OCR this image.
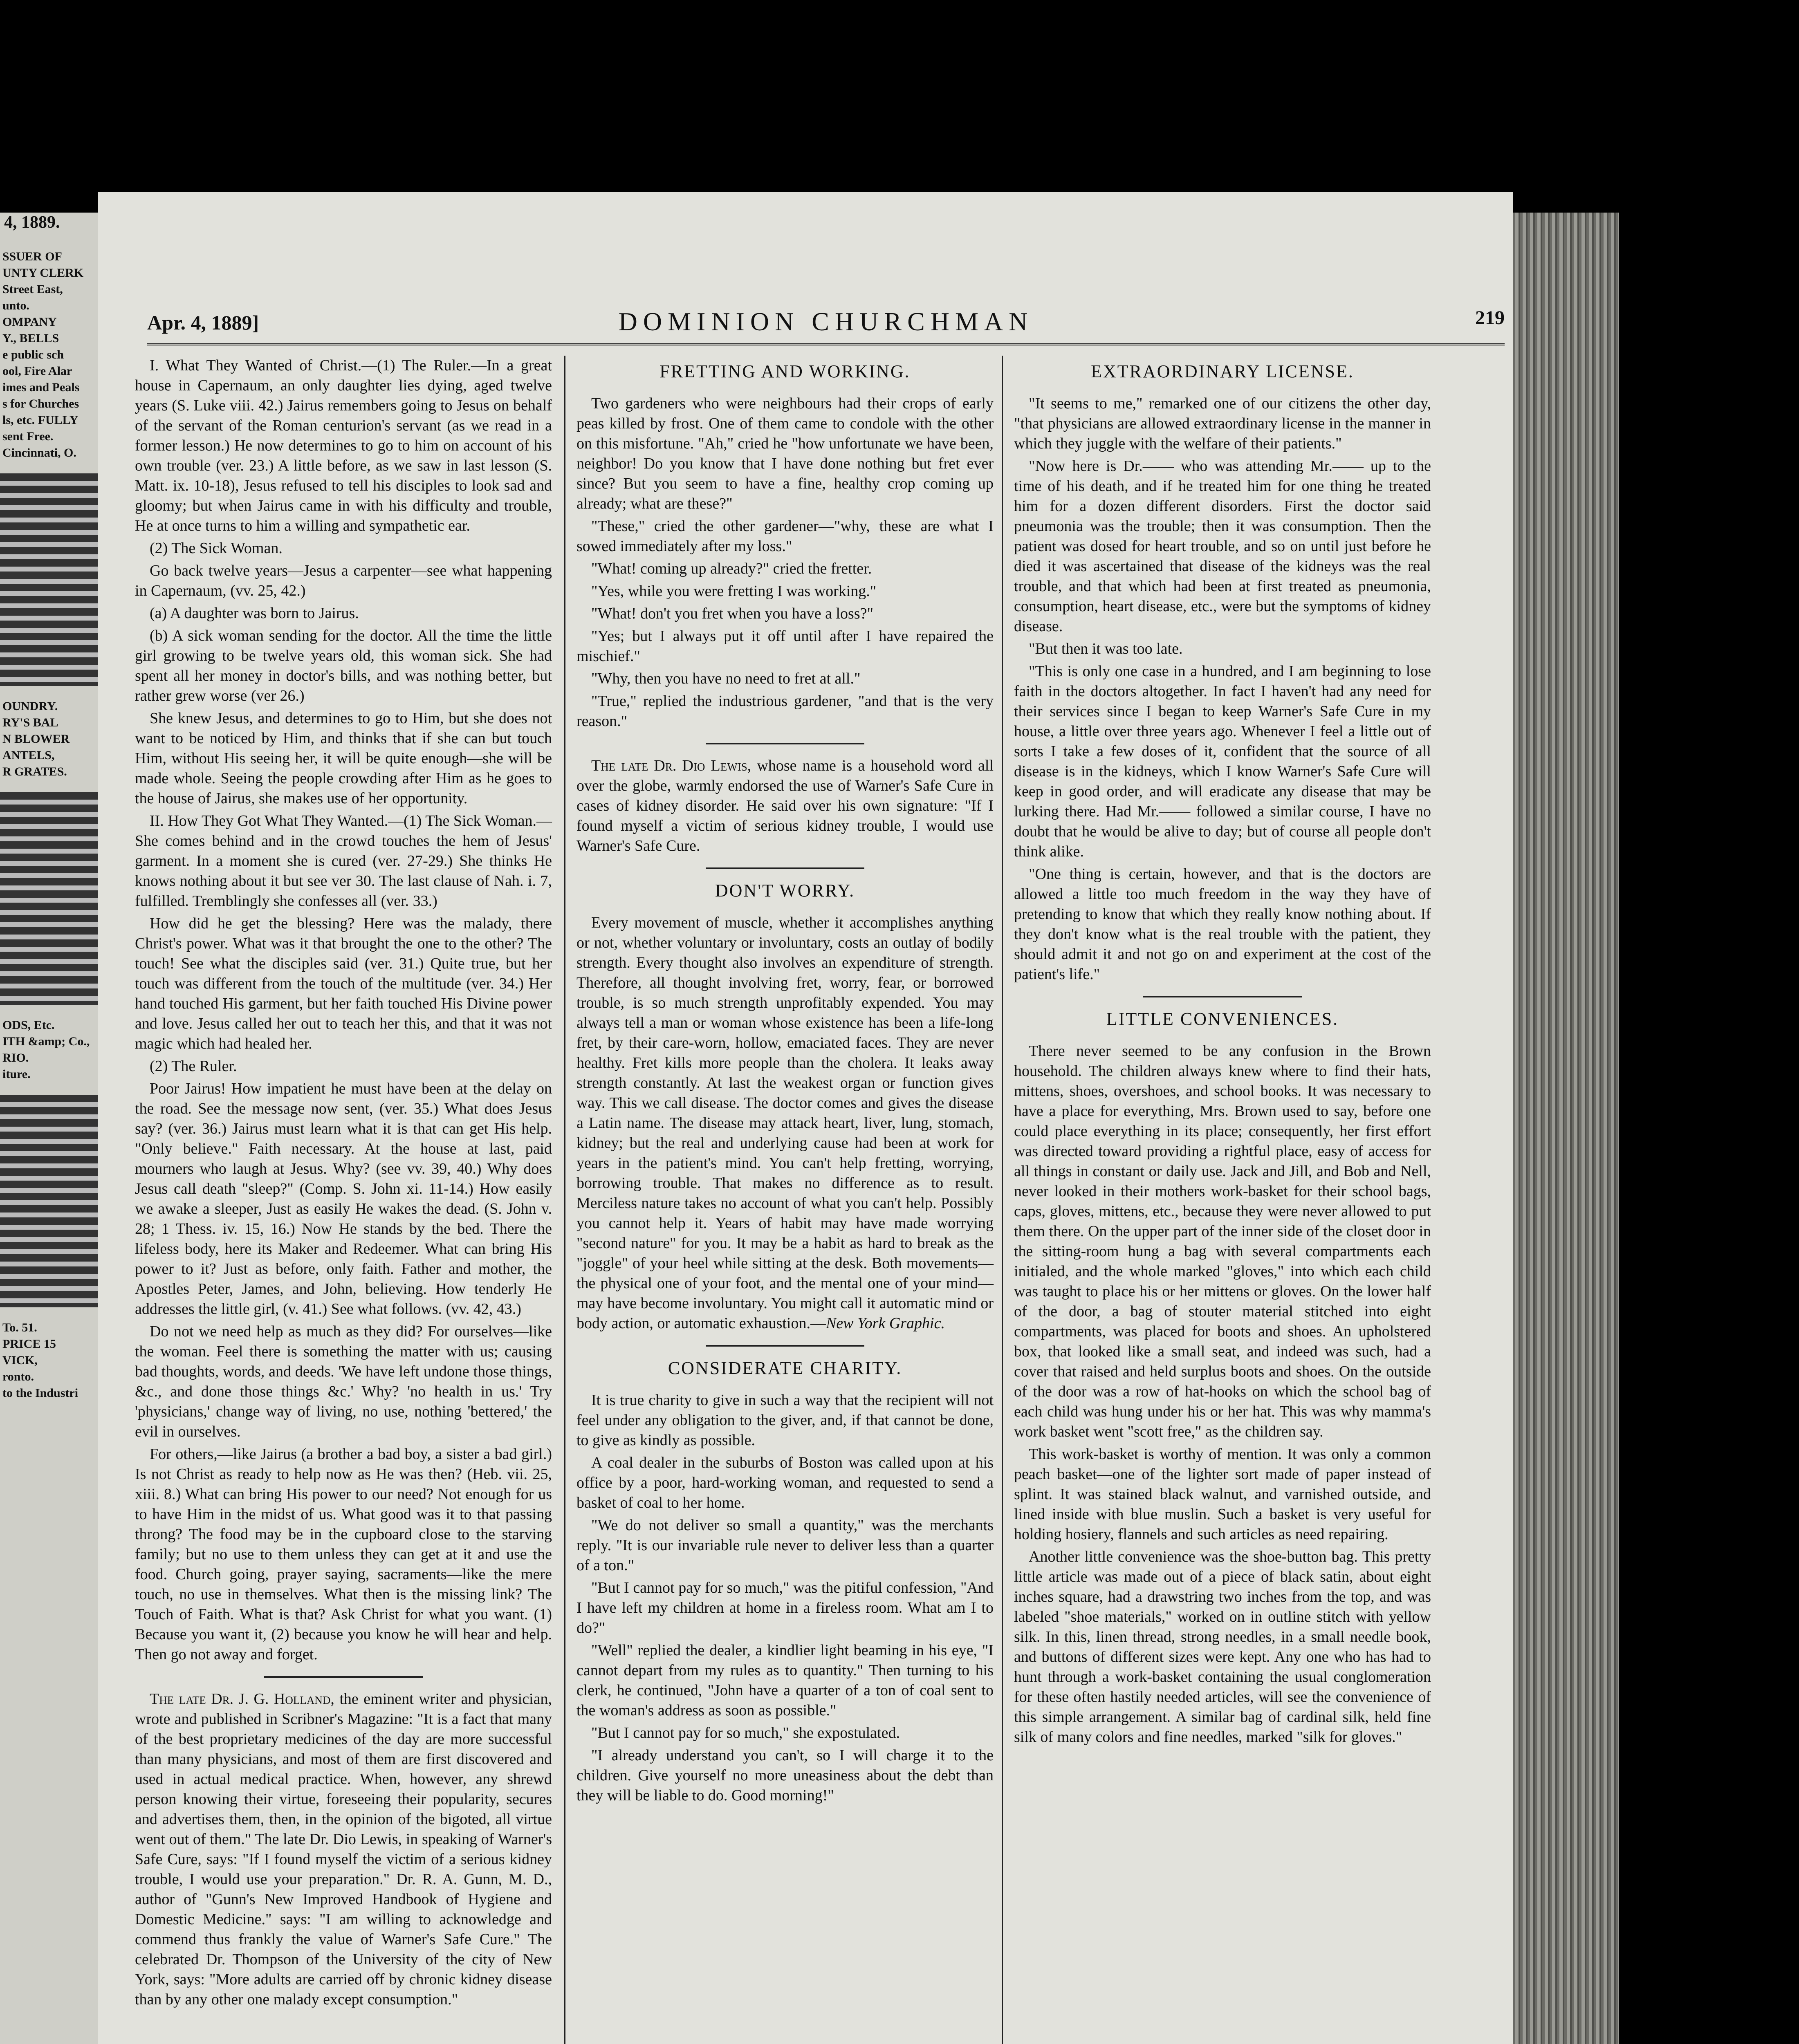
4, 1889.
SSUER OF
UNTY CLERK
Street East,
unto.
OMPANY
Y., BELLS
e public sch
ool, Fire Alar
imes and Peals
s for Churches
ls, etc. FULLY
sent Free.
Cincinnati, O.
OUNDRY.
RY'S BAL
N BLOWER
ANTELS,
R GRATES.
ODS, Etc.
ITH &amp; Co.,
RIO.
iture.
To. 51.
PRICE 15
VICK,
ronto.
to the Industri
Apr. 4, 1889]	DOMINION CHURCHMAN	219

I. What They Wanted of Christ.—(1) The Ruler.—In a great house in Capernaum, an only daughter lies dying, aged twelve years (S. Luke viii. 42.) Jairus remembers going to Jesus on behalf of the servant of the Roman centurion's servant (as we read in a former lesson.) He now determines to go to him on account of his own trouble (ver. 23.) A little before, as we saw in last lesson (S. Matt. ix. 10-18), Jesus refused to tell his disciples to look sad and gloomy; but when Jairus came in with his difficulty and trouble, He at once turns to him a willing and sympathetic ear.

(2) The Sick Woman.

Go back twelve years—Jesus a carpenter—see what happening in Capernaum, (vv. 25, 42.)

(a) A daughter was born to Jairus.

(b) A sick woman sending for the doctor. All the time the little girl growing to be twelve years old, this woman sick. She had spent all her money in doctor's bills, and was nothing better, but rather grew worse (ver 26.)

She knew Jesus, and determines to go to Him, but she does not want to be noticed by Him, and thinks that if she can but touch Him, without His seeing her, it will be quite enough—she will be made whole. Seeing the people crowding after Him as he goes to the house of Jairus, she makes use of her opportunity.

II. How They Got What They Wanted.—(1) The Sick Woman.—She comes behind and in the crowd touches the hem of Jesus' garment. In a moment she is cured (ver. 27-29.) She thinks He knows nothing about it but see ver 30. The last clause of Nah. i. 7, fulfilled. Tremblingly she confesses all (ver. 33.)

How did he get the blessing? Here was the malady, there Christ's power. What was it that brought the one to the other? The touch! See what the disciples said (ver. 31.) Quite true, but her touch was different from the touch of the multitude (ver. 34.) Her hand touched His garment, but her faith touched His Divine power and love. Jesus called her out to teach her this, and that it was not magic which had healed her.

(2) The Ruler.

Poor Jairus! How impatient he must have been at the delay on the road. See the message now sent, (ver. 35.) What does Jesus say? (ver. 36.) Jairus must learn what it is that can get His help. "Only believe." Faith necessary. At the house at last, paid mourners who laugh at Jesus. Why? (see vv. 39, 40.) Why does Jesus call death "sleep?" (Comp. S. John xi. 11-14.) How easily we awake a sleeper, Just as easily He wakes the dead. (S. John v. 28; 1 Thess. iv. 15, 16.) Now He stands by the bed. There the lifeless body, here its Maker and Redeemer. What can bring His power to it? Just as before, only faith. Father and mother, the Apostles Peter, James, and John, believing. How tenderly He addresses the little girl, (v. 41.) See what follows. (vv. 42, 43.)

Do not we need help as much as they did? For ourselves—like the woman. Feel there is something the matter with us; causing bad thoughts, words, and deeds. 'We have left undone those things, &c., and done those things &c.' Why? 'no health in us.' Try 'physicians,' change way of living, no use, nothing 'bettered,' the evil in ourselves.

For others,—like Jairus (a brother a bad boy, a sister a bad girl.) Is not Christ as ready to help now as He was then? (Heb. vii. 25, xiii. 8.) What can bring His power to our need? Not enough for us to have Him in the midst of us. What good was it to that passing throng? The food may be in the cupboard close to the starving family; but no use to them unless they can get at it and use the food. Church going, prayer saying, sacraments—like the mere touch, no use in themselves. What then is the missing link? The Touch of Faith. What is that? Ask Christ for what you want. (1) Because you want it, (2) because you know he will hear and help. Then go not away and forget.

The late Dr. J. G. Holland, the eminent writer and physician, wrote and published in Scribner's Magazine: "It is a fact that many of the best proprietary medicines of the day are more successful than many physicians, and most of them are first discovered and used in actual medical practice. When, however, any shrewd person knowing their virtue, foreseeing their popularity, secures and advertises them, then, in the opinion of the bigoted, all virtue went out of them." The late Dr. Dio Lewis, in speaking of Warner's Safe Cure, says: "If I found myself the victim of a serious kidney trouble, I would use your preparation." Dr. R. A. Gunn, M. D., author of "Gunn's New Improved Handbook of Hygiene and Domestic Medicine." says: "I am willing to acknowledge and commend thus frankly the value of Warner's Safe Cure." The celebrated Dr. Thompson of the University of the city of New York, says: "More adults are carried off by chronic kidney disease than by any other one malady except consumption."

FRETTING AND WORKING.

Two gardeners who were neighbours had their crops of early peas killed by frost. One of them came to condole with the other on this misfortune. "Ah," cried he "how unfortunate we have been, neighbor! Do you know that I have done nothing but fret ever since? But you seem to have a fine, healthy crop coming up already; what are these?"

"These," cried the other gardener—"why, these are what I sowed immediately after my loss."

"What! coming up already?" cried the fretter.

"Yes, while you were fretting I was working."

"What! don't you fret when you have a loss?"

"Yes; but I always put it off until after I have repaired the mischief."

"Why, then you have no need to fret at all."

"True," replied the industrious gardener, "and that is the very reason."

The late Dr. Dio Lewis, whose name is a household word all over the globe, warmly endorsed the use of Warner's Safe Cure in cases of kidney disorder. He said over his own signature: "If I found myself a victim of serious kidney trouble, I would use Warner's Safe Cure.

DON'T WORRY.

Every movement of muscle, whether it accomplishes anything or not, whether voluntary or involuntary, costs an outlay of bodily strength. Every thought also involves an expenditure of strength. Therefore, all thought involving fret, worry, fear, or borrowed trouble, is so much strength unprofitably expended. You may always tell a man or woman whose existence has been a life-long fret, by their care-worn, hollow, emaciated faces. They are never healthy. Fret kills more people than the cholera. It leaks away strength constantly. At last the weakest organ or function gives way. This we call disease. The doctor comes and gives the disease a Latin name. The disease may attack heart, liver, lung, stomach, kidney; but the real and underlying cause had been at work for years in the patient's mind. You can't help fretting, worrying, borrowing trouble. That makes no difference as to result. Merciless nature takes no account of what you can't help. Possibly you cannot help it. Years of habit may have made worrying "second nature" for you. It may be a habit as hard to break as the "joggle" of your heel while sitting at the desk. Both movements—the physical one of your foot, and the mental one of your mind—may have become involuntary. You might call it automatic mind or body action, or automatic exhaustion.—New York Graphic.

CONSIDERATE CHARITY.

It is true charity to give in such a way that the recipient will not feel under any obligation to the giver, and, if that cannot be done, to give as kindly as possible.

A coal dealer in the suburbs of Boston was called upon at his office by a poor, hard-working woman, and requested to send a basket of coal to her home.

"We do not deliver so small a quantity," was the merchants reply. "It is our invariable rule never to deliver less than a quarter of a ton."

"But I cannot pay for so much," was the pitiful confession, "And I have left my children at home in a fireless room. What am I to do?"

"Well" replied the dealer, a kindlier light beaming in his eye, "I cannot depart from my rules as to quantity." Then turning to his clerk, he continued, "John have a quarter of a ton of coal sent to the woman's address as soon as possible."

"But I cannot pay for so much," she expostulated.

"I already understand you can't, so I will charge it to the children. Give yourself no more uneasiness about the debt than they will be liable to do. Good morning!"

EXTRAORDINARY LICENSE.

"It seems to me," remarked one of our citizens the other day, "that physicians are allowed extraordinary license in the manner in which they juggle with the welfare of their patients."

"Now here is Dr.—— who was attending Mr.—— up to the time of his death, and if he treated him for one thing he treated him for a dozen different disorders. First the doctor said pneumonia was the trouble; then it was consumption. Then the patient was dosed for heart trouble, and so on until just before he died it was ascertained that disease of the kidneys was the real trouble, and that which had been at first treated as pneumonia, consumption, heart disease, etc., were but the symptoms of kidney disease.

"But then it was too late.

"This is only one case in a hundred, and I am beginning to lose faith in the doctors altogether. In fact I haven't had any need for their services since I began to keep Warner's Safe Cure in my house, a little over three years ago. Whenever I feel a little out of sorts I take a few doses of it, confident that the source of all disease is in the kidneys, which I know Warner's Safe Cure will keep in good order, and will eradicate any disease that may be lurking there. Had Mr.—— followed a similar course, I have no doubt that he would be alive to day; but of course all people don't think alike.

"One thing is certain, however, and that is the doctors are allowed a little too much freedom in the way they have of pretending to know that which they really know nothing about. If they don't know what is the real trouble with the patient, they should admit it and not go on and experiment at the cost of the patient's life."

LITTLE CONVENIENCES.

There never seemed to be any confusion in the Brown household. The children always knew where to find their hats, mittens, shoes, overshoes, and school books. It was necessary to have a place for everything, Mrs. Brown used to say, before one could place everything in its place; consequently, her first effort was directed toward providing a rightful place, easy of access for all things in constant or daily use. Jack and Jill, and Bob and Nell, never looked in their mothers work-basket for their school bags, caps, gloves, mittens, etc., because they were never allowed to put them there. On the upper part of the inner side of the closet door in the sitting-room hung a bag with several compartments each initialed, and the whole marked "gloves," into which each child was taught to place his or her mittens or gloves. On the lower half of the door, a bag of stouter material stitched into eight compartments, was placed for boots and shoes. An upholstered box, that looked like a small seat, and indeed was such, had a cover that raised and held surplus boots and shoes. On the outside of the door was a row of hat-hooks on which the school bag of each child was hung under his or her hat. This was why mamma's work basket went "scott free," as the children say.

This work-basket is worthy of mention. It was only a common peach basket—one of the lighter sort made of paper instead of splint. It was stained black walnut, and varnished outside, and lined inside with blue muslin. Such a basket is very useful for holding hosiery, flannels and such articles as need repairing.

Another little convenience was the shoe-button bag. This pretty little article was made out of a piece of black satin, about eight inches square, had a drawstring two inches from the top, and was labeled "shoe materials," worked on in outline stitch with yellow silk. In this, linen thread, strong needles, in a small needle book, and buttons of different sizes were kept. Any one who has had to hunt through a work-basket containing the usual conglomeration for these often hastily needed articles, will see the convenience of this simple arrangement. A similar bag of cardinal silk, held fine silk of many colors and fine needles, marked "silk for gloves."
